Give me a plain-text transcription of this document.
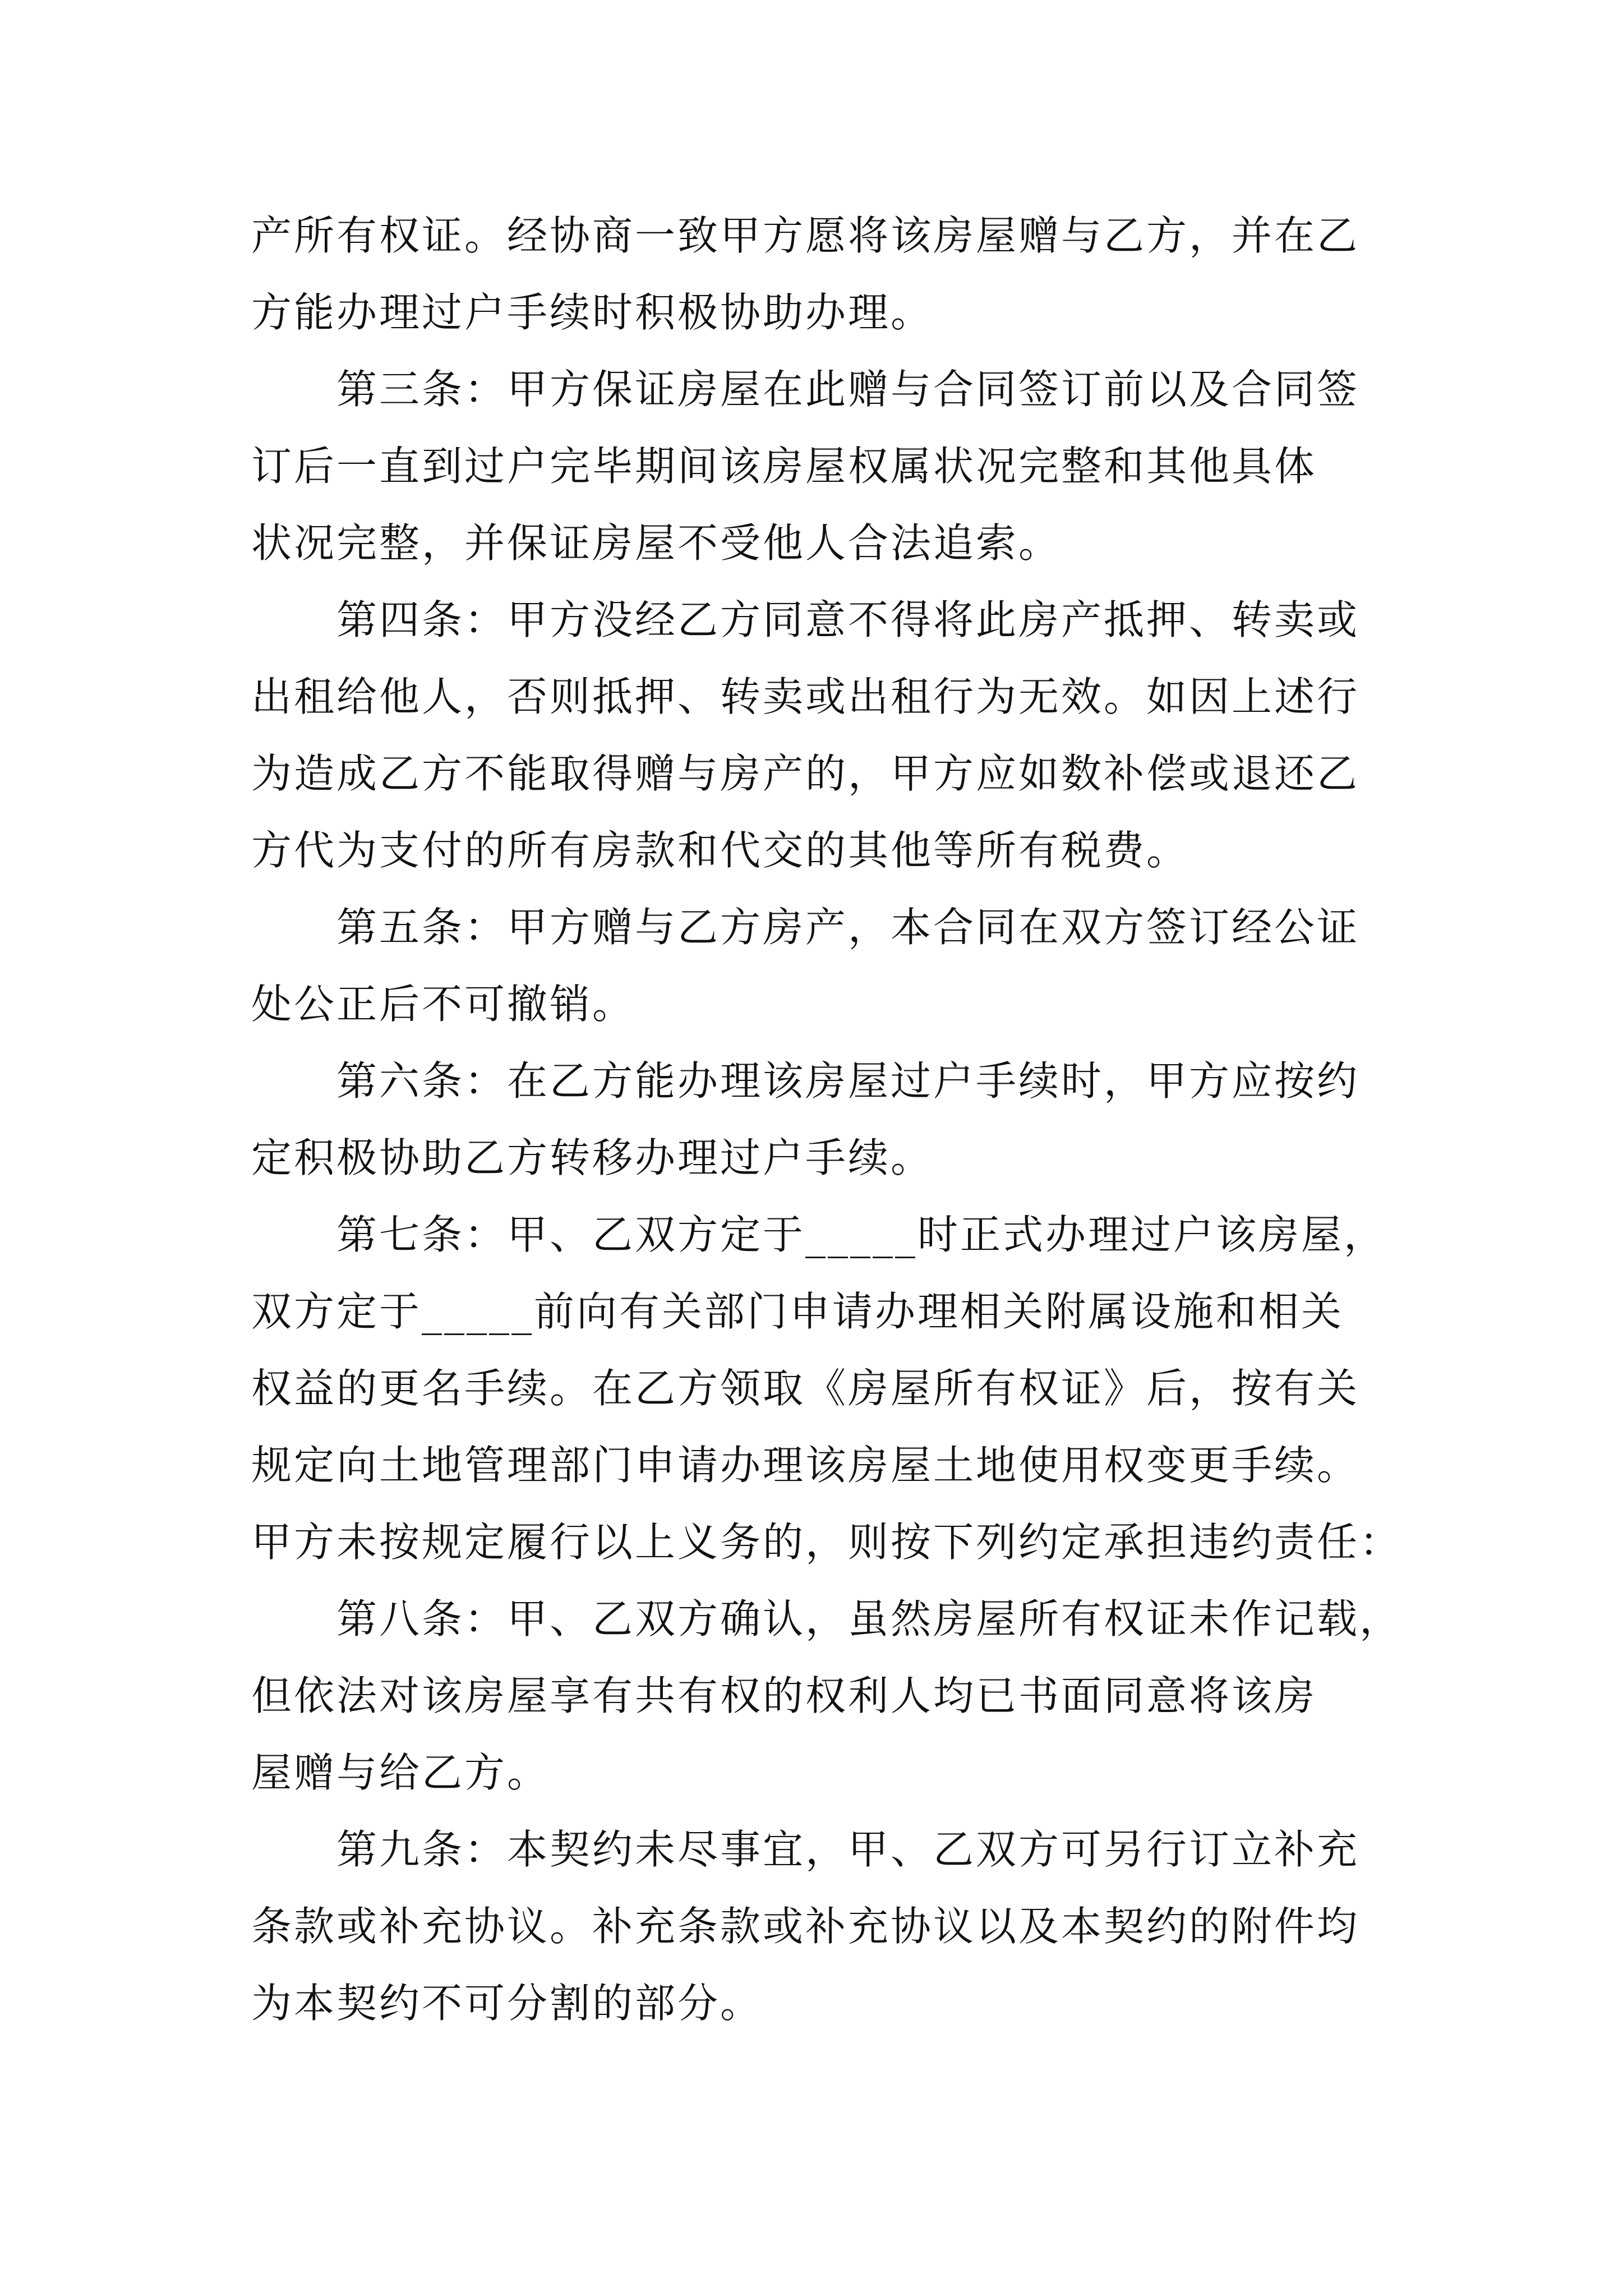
产所有权证。经协商一致甲方愿将该房屋赠与乙方，并在乙
方能办理过户手续时积极协助办理。
第三条：甲方保证房屋在此赠与合同签订前以及合同签
订后一直到过户完毕期间该房屋权属状况完整和其他具体
状况完整，并保证房屋不受他人合法追索。
第四条：甲方没经乙方同意不得将此房产抵押、转卖或
出租给他人，否则抵押、转卖或出租行为无效。如因上述行
为造成乙方不能取得赠与房产的，甲方应如数补偿或退还乙
方代为支付的所有房款和代交的其他等所有税费。
第五条：甲方赠与乙方房产，本合同在双方签订经公证
处公正后不可撤销。
第六条：在乙方能办理该房屋过户手续时，甲方应按约
定积极协助乙方转移办理过户手续。
第七条：甲、乙双方定于_____时正式办理过户该房屋，
双方定于_____前向有关部门申请办理相关附属设施和相关
权益的更名手续。在乙方领取《房屋所有权证》后，按有关
规定向土地管理部门申请办理该房屋土地使用权变更手续。
甲方未按规定履行以上义务的，则按下列约定承担违约责任：
第八条：甲、乙双方确认，虽然房屋所有权证未作记载，
但依法对该房屋享有共有权的权利人均已书面同意将该房
屋赠与给乙方。
第九条：本契约未尽事宜，甲、乙双方可另行订立补充
条款或补充协议。补充条款或补充协议以及本契约的附件均
为本契约不可分割的部分。
